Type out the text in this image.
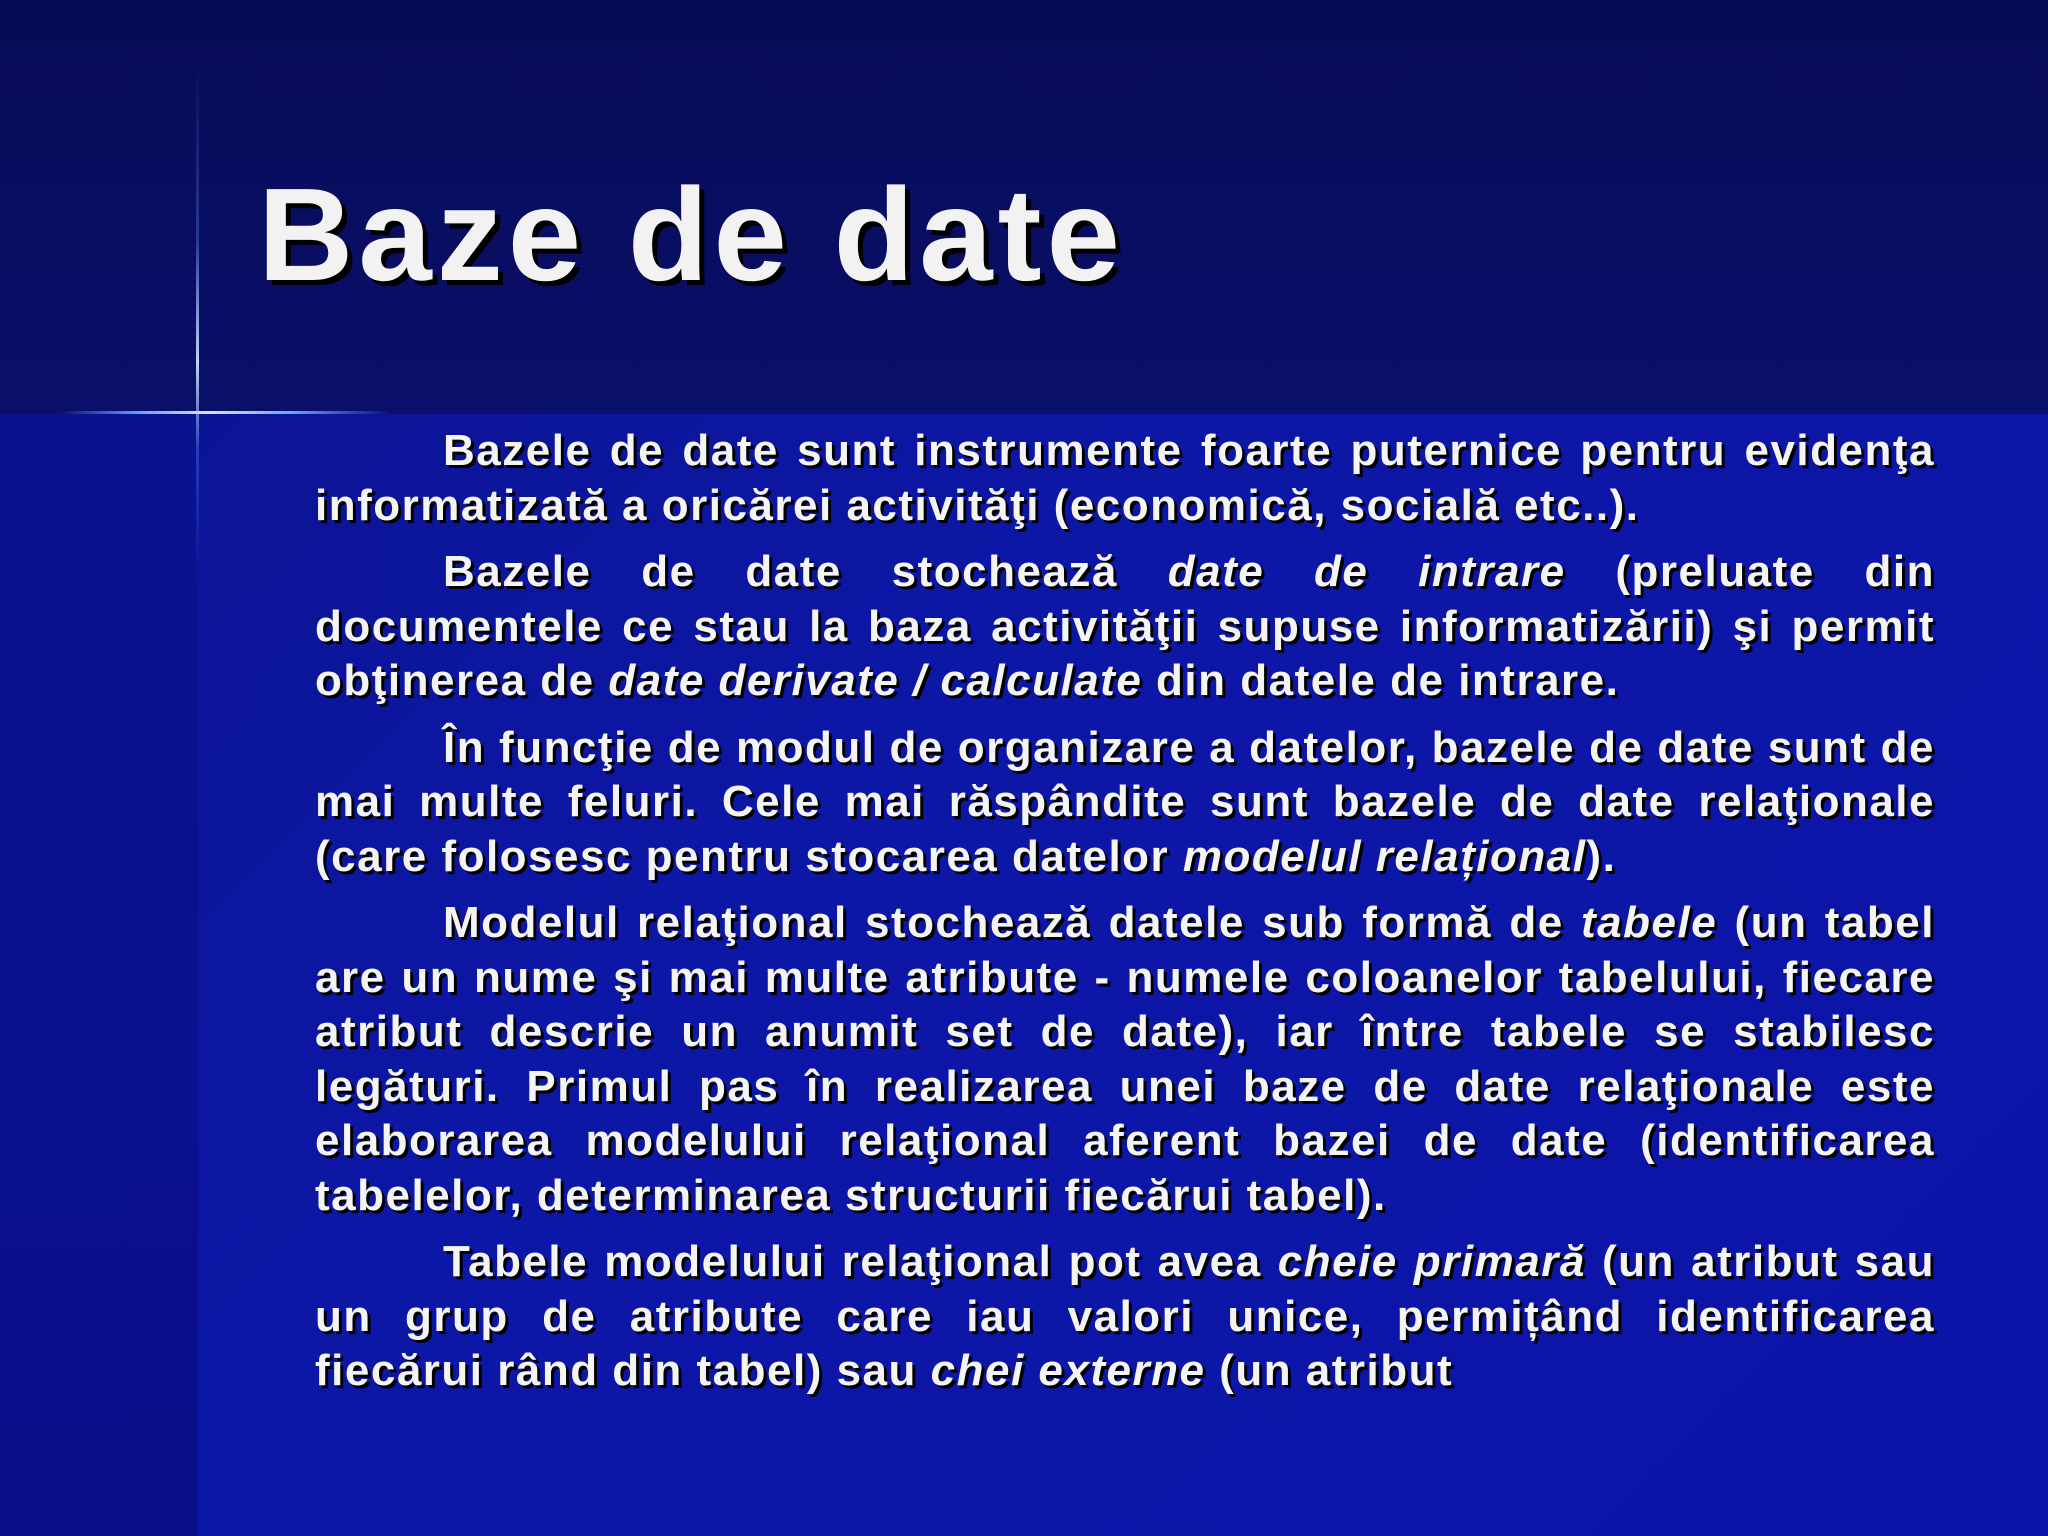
Baze de date

Bazele de date sunt instrumente foarte puternice pentru evidenţa informatizată a oricărei activităţi (economică, socială etc..).

Bazele de date stochează date de intrare (preluate din documentele ce stau la baza activităţii supuse informatizării) şi permit obţinerea de date derivate / calculate din datele de intrare.

În funcţie de modul de organizare a datelor, bazele de date sunt de mai multe feluri. Cele mai răspândite sunt bazele de date relaţionale (care folosesc pentru stocarea datelor modelul relațional).

Modelul relaţional stochează datele sub formă de tabele (un tabel are un nume şi mai multe atribute - numele coloanelor tabelului, fiecare atribut descrie un anumit set de date), iar între tabele se stabilesc legături. Primul pas în realizarea unei baze de date relaţionale este elaborarea modelului relaţional aferent bazei de date (identificarea tabelelor, determinarea structurii fiecărui tabel).

Tabele modelului relaţional pot avea cheie primară (un atribut sau un grup de atribute care iau valori unice, permițând identificarea fiecărui rând din tabel) sau chei externe (un atribut
